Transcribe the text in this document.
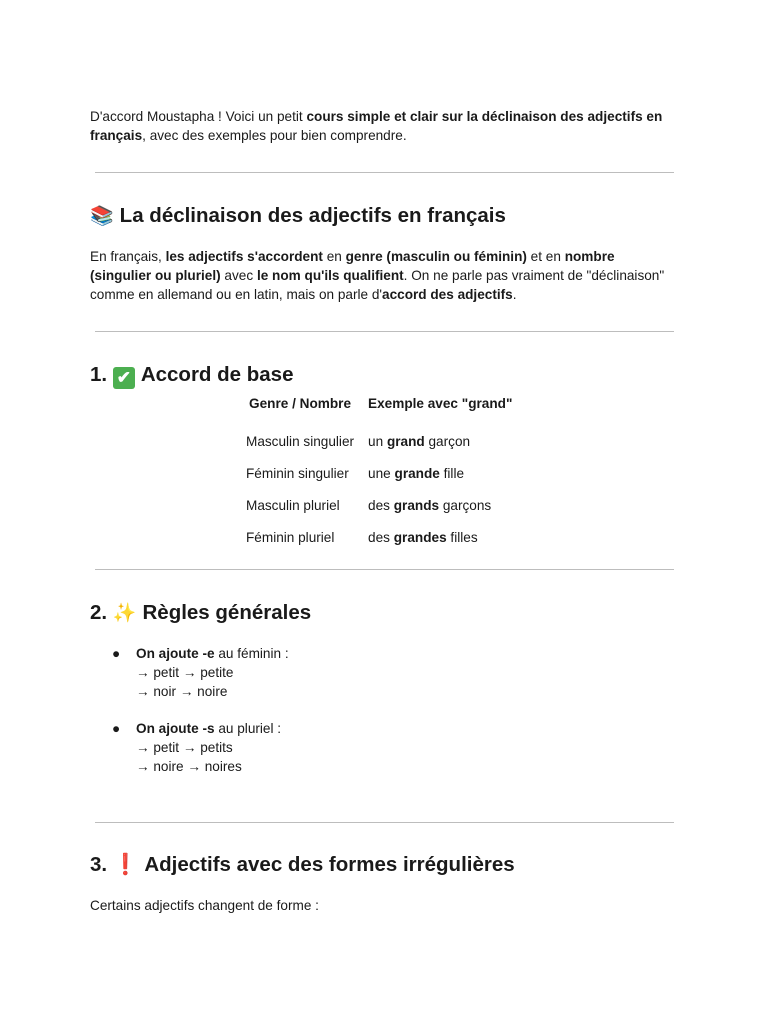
D'accord Moustapha ! Voici un petit cours simple et clair sur la déclinaison des adjectifs en français, avec des exemples pour bien comprendre.

📚 La déclinaison des adjectifs en français

En français, les adjectifs s'accordent en genre (masculin ou féminin) et en nombre (singulier ou pluriel) avec le nom qu'ils qualifient. On ne parle pas vraiment de "déclinaison" comme en allemand ou en latin, mais on parle d'accord des adjectifs.

1. ✔ Accord de base
Genre / Nombre	Exemple avec "grand"
Masculin singulier	un grand garçon
Féminin singulier	une grande fille
Masculin pluriel	des grands garçons
Féminin pluriel	des grandes filles
2. ✨ Règles générales
● On ajoute -e au féminin :
→ petit → petite
→ noir → noire
● On ajoute -s au pluriel :
→ petit → petits
→ noire → noires
3. ❗ Adjectifs avec des formes irrégulières

Certains adjectifs changent de forme :
